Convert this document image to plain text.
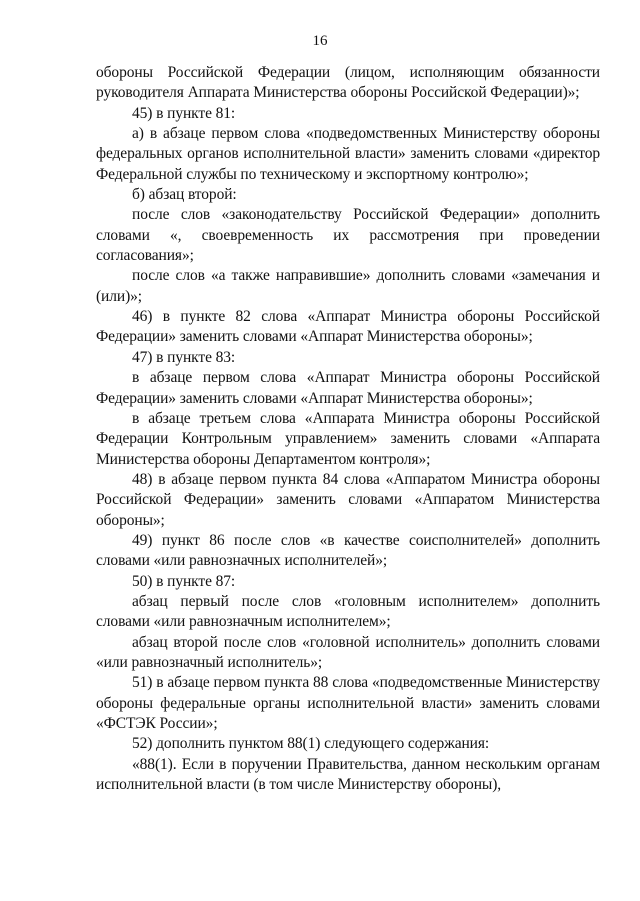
16

обороны Российской Федерации (лицом, исполняющим обязанности руководителя Аппарата Министерства обороны Российской Федерации)»;

45) в пункте 81:

а) в абзаце первом слова «подведомственных Министерству обороны федеральных органов исполнительной власти» заменить словами «директор Федеральной службы по техническому и экспортному контролю»;

б) абзац второй:

после слов «законодательству Российской Федерации» дополнить словами «, своевременность их рассмотрения при проведении согласования»;

после слов «а также направившие» дополнить словами «замечания и (или)»;

46) в пункте 82 слова «Аппарат Министра обороны Российской Федерации» заменить словами «Аппарат Министерства обороны»;

47) в пункте 83:

в абзаце первом слова «Аппарат Министра обороны Российской Федерации» заменить словами «Аппарат Министерства обороны»;

в абзаце третьем слова «Аппарата Министра обороны Российской Федерации Контрольным управлением» заменить словами «Аппарата Министерства обороны Департаментом контроля»;

48) в абзаце первом пункта 84 слова «Аппаратом Министра обороны Российской Федерации» заменить словами «Аппаратом Министерства обороны»;

49) пункт 86 после слов «в качестве соисполнителей» дополнить словами «или равнозначных исполнителей»;

50) в пункте 87:

абзац первый после слов «головным исполнителем» дополнить словами «или равнозначным исполнителем»;

абзац второй после слов «головной исполнитель» дополнить словами «или равнозначный исполнитель»;

51) в абзаце первом пункта 88 слова «подведомственные Министерству обороны федеральные органы исполнительной власти» заменить словами «ФСТЭК России»;

52) дополнить пунктом 88(1) следующего содержания:

«88(1). Если в поручении Правительства, данном нескольким органам исполнительной власти (в том числе Министерству обороны),
